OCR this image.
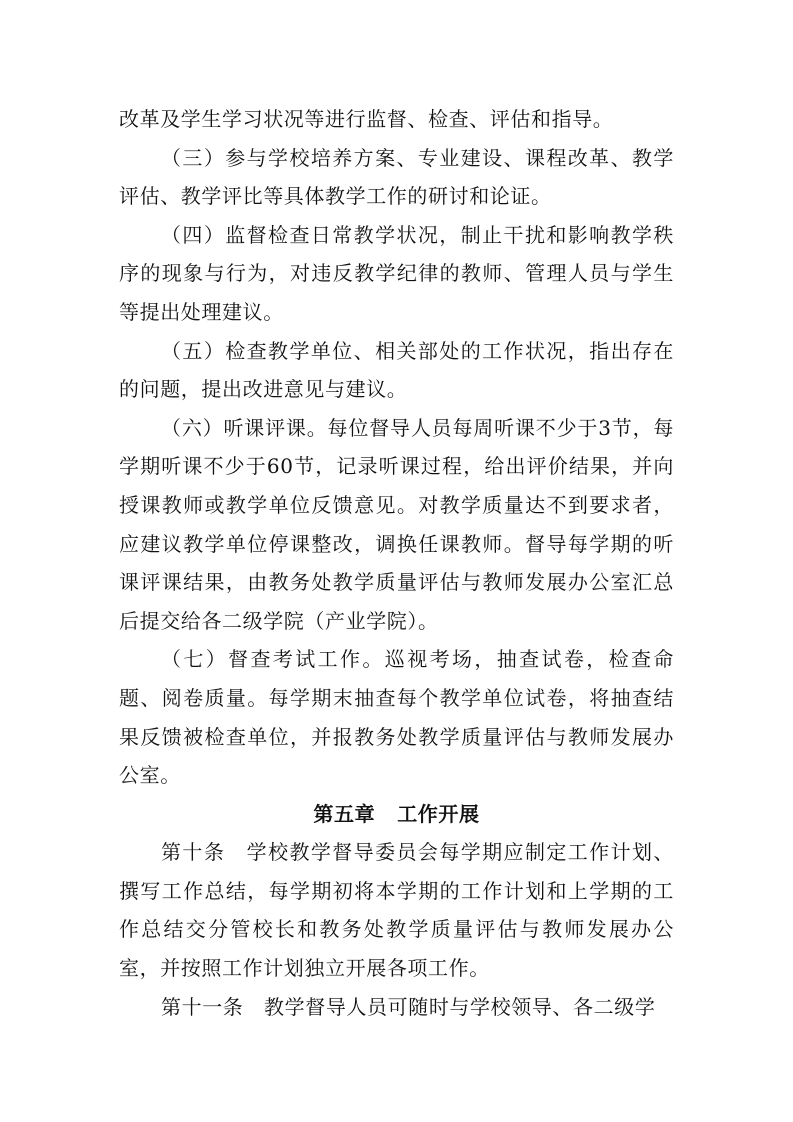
改革及学生学习状况等进行监督、检查、评估和指导。

（三）参与学校培养方案、专业建设、课程改革、教学评估、教学评比等具体教学工作的研讨和论证。

（四）监督检查日常教学状况，制止干扰和影响教学秩序的现象与行为，对违反教学纪律的教师、管理人员与学生等提出处理建议。

（五）检查教学单位、相关部处的工作状况，指出存在的问题，提出改进意见与建议。

（六）听课评课。每位督导人员每周听课不少于3节，每学期听课不少于60节，记录听课过程，给出评价结果，并向授课教师或教学单位反馈意见。对教学质量达不到要求者，应建议教学单位停课整改，调换任课教师。督导每学期的听课评课结果，由教务处教学质量评估与教师发展办公室汇总后提交给各二级学院（产业学院）。

（七）督查考试工作。巡视考场，抽查试卷，检查命题、阅卷质量。每学期末抽查每个教学单位试卷，将抽查结果反馈被检查单位，并报教务处教学质量评估与教师发展办公室。

第五章 工作开展

第十条　 学校教学督导委员会每学期应制定工作计划、撰写工作总结，每学期初将本学期的工作计划和上学期的工作总结交分管校长和教务处教学质量评估与教师发展办公室，并按照工作计划独立开展各项工作。

第十一条　 教学督导人员可随时与学校领导、各二级学
